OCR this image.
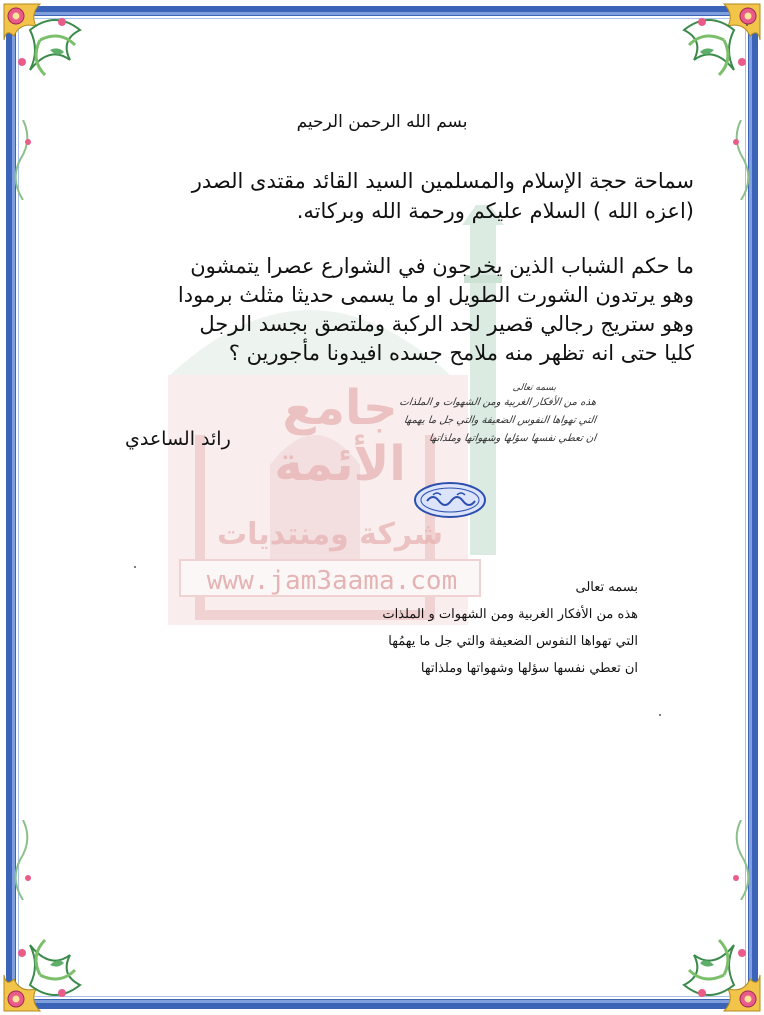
جامع الأئمة
شركة ومنتديات
www.jam3aama.com
بسم الله الرحمن الرحيم
سماحة حجة الإسلام والمسلمين السيد القائد مقتدى الصدر
(اعزه الله ) السلام عليكم ورحمة الله وبركاته.
ما حكم الشباب الذين يخرجون في الشوارع عصرا يتمشون
وهو يرتدون الشورت الطويل او ما يسمى حديثا مثلث برمودا
وهو ستريج رجالي قصير لحد الركبة وملتصق بجسد الرجل
كليا حتى انه تظهر منه ملامح جسده افيدونا مأجورين ؟
بسمه تعالى
هذه من الأفكار الغربية ومن الشهوات و الملذات
التي تهواها النفوس الضعيفة والتي جل ما يهمها
ان تعطي نفسها سؤلها وشهواتها وملذاتها
رائد الساعدي
بسمه تعالى
هذه من الأفكار الغربية ومن الشهوات و الملذات
التي تهواها النفوس الضعيفة والتي جل ما يهمُها
ان تعطي نفسها سؤلها وشهواتها وملذاتها
